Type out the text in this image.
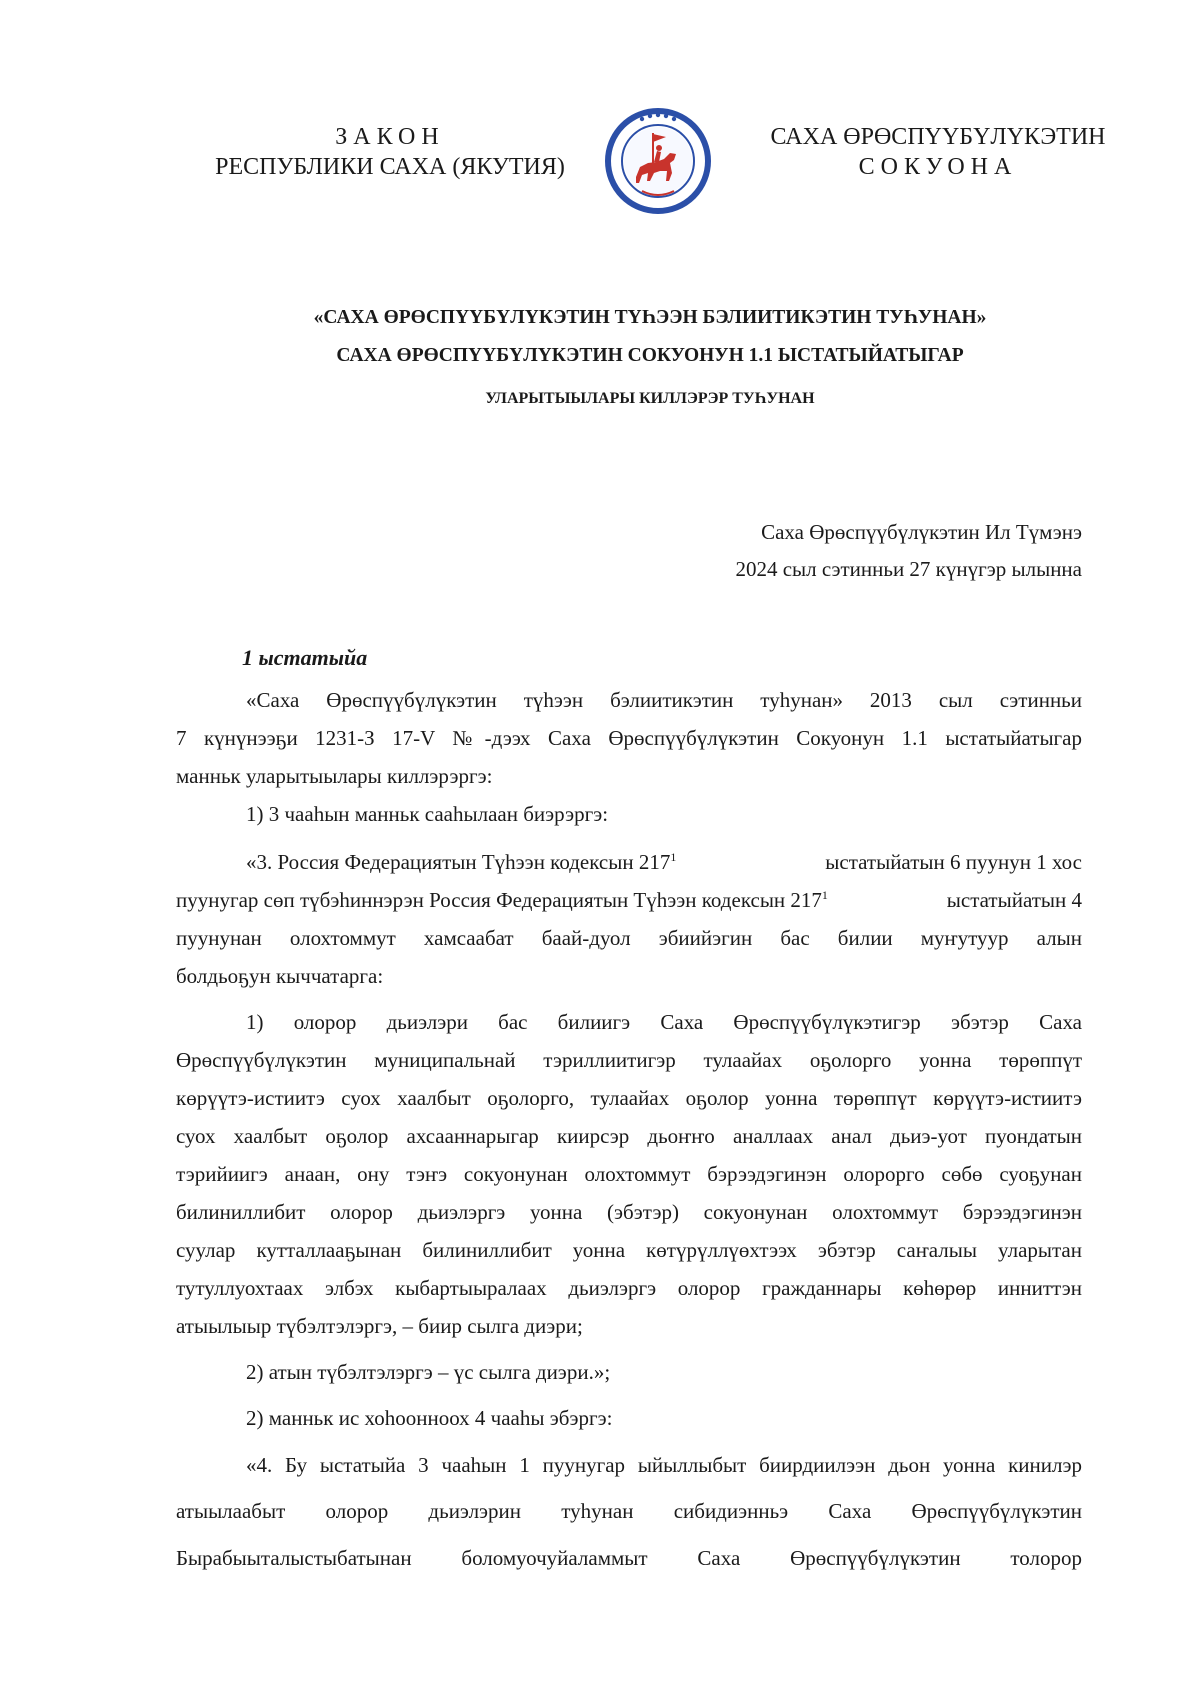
ЗАКОН
РЕСПУБЛИКИ САХА (ЯКУТИЯ)
САХА ӨРӨСПҮҮБҮЛҮКЭТИН
СОКУОНА
«САХА ӨРӨСПҮҮБҮЛҮКЭТИН ТҮҺЭЭН БЭЛИИТИКЭТИН ТУҺУНАН»
САХА ӨРӨСПҮҮБҮЛҮКЭТИН СОКУОНУН 1.1 ЫСТАТЫЙАТЫГАР
УЛАРЫТЫЫЛАРЫ КИЛЛЭРЭР ТУҺУНАН
Саха Өрөспүүбүлүкэтин Ил Түмэнэ
2024 сыл сэтинньи 27 күнүгэр ылынна
1 ыстатыйа
«Саха Өрөспүүбүлүкэтин түһээн бэлиитикэтин туһунан» 2013 сыл сэтинньи
7 күнүнээҕи 1231-З 17-V №-дээх Саха Өрөспүүбүлүкэтин Сокуонун 1.1 ыстатыйатыгар
манньк уларытыылары киллэрэргэ:
1) 3 чааһын манньк сааһылаан биэрэргэ:
«3. Россия Федерациятын Түһээн кодексын $217^1$	ыстатыйатын 6 пуунун 1 хос
пуунугар сөп түбэһиннэрэн Россия Федерациятын Түһээн кодексын $217^1$	ыстатыйатын 4
пуунунан олохтоммут хамсаабат баай-дуол эбиийэгин бас билии муҥутуур алын
болдьоҕун кыччатарга:
1) олорор дьиэлэри бас билиигэ Саха Өрөспүүбүлүкэтигэр эбэтэр Саха
Өрөспүүбүлүкэтин муниципальнай тэриллиитигэр тулаайах оҕолорго уонна төрөппүт
көрүүтэ-истиитэ суох хаалбыт оҕолорго, тулаайах оҕолор уонна төрөппүт көрүүтэ-истиитэ
суох хаалбыт оҕолор ахсааннарыгар киирсэр дьоҥҥо аналлаах анал дьиэ-уот пуондатын
тэрийиигэ анаан, ону тэҥэ сокуонунан олохтоммут бэрээдэгинэн олорорго сөбө суоҕунан
билиниллибит олорор дьиэлэргэ уонна (эбэтэр) сокуонунан олохтоммут бэрээдэгинэн
суулар кутталлааҕынан билиниллибит уонна көтүрүллүөхтээх эбэтэр саҥалыы уларытан
тутуллуохтаах элбэх кыбартыыралаах дьиэлэргэ олорор гражданнары көһөрөр инниттэн
атыылыыр түбэлтэлэргэ, – биир сылга диэри;
2) атын түбэлтэлэргэ – үс сылга диэри.»;
2) манньк ис хоһоонноох 4 чааһы эбэргэ:
«4. Бу ыстатыйа 3 чааһын 1 пуунугар ыйыллыбыт биирдиилээн дьон уонна кинилэр
атыылаабыт олорор дьиэлэрин туһунан сибидиэнньэ Саха Өрөспүүбүлүкэтин
Бырабыыталыстыбатынан боломуочуйаламмыт Саха Өрөспүүбүлүкэтин толорор
